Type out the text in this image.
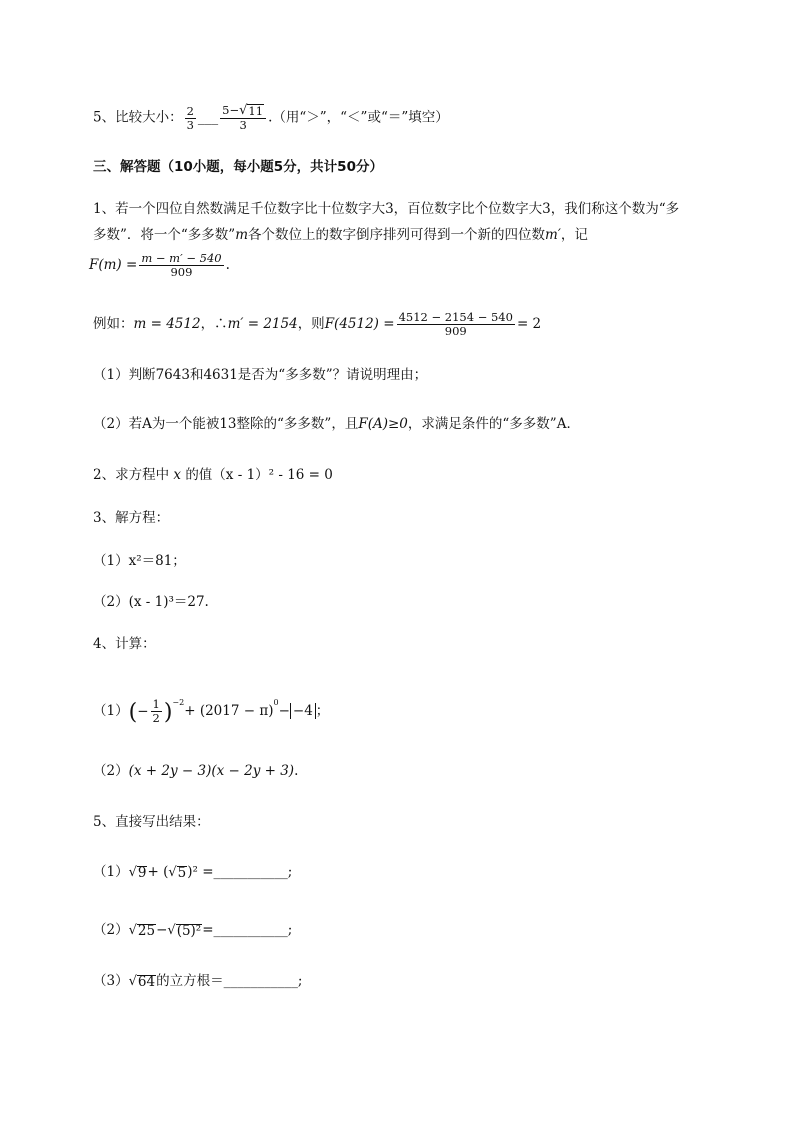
5、比较大小： $\frac{2}{3}$ ___ $\frac{5- √ 11}{3}$ .（用“＞”，“＜”或“＝”填空）
三、解答题（10小题，每小题5分，共计50分）
1、若一个四位自然数满足千位数字比十位数字大3，百位数字比个位数字大3，我们称这个数为“多
多数”．将一个“多多数”m各个数位上的数字倒序排列可得到一个新的四位数m′，记
$F(m) = \frac{m - m' - 540}{909}$ .
例如：m = 4512，∴m′ = 2154，则$F(4512) = \frac{4512 - 2154 - 540}{909} = 2$
（1）判断7643和4631是否为“多多数”？请说明理由；
（2）若A为一个能被13整除的“多多数”，且F(A)≥0，求满足条件的“多多数”A．
2、求方程中 x 的值（x - 1）² - 16 = 0
3、解方程：
（1）x²＝81；
（2）(x - 1)³＝27.
4、计算：
$(1)(- \frac{1}{2} )^{-2}+ (2017 - \pi)^0- -4$ ；
（2）(x + 2y − 3)(x − 2y + 3).
5、直接写出结果：
（1） √ 9 + ( √ 5 )² =___________;
（2） √ 25 − √ (5)² =___________;
（3） √ 64 的立方根＝___________;
